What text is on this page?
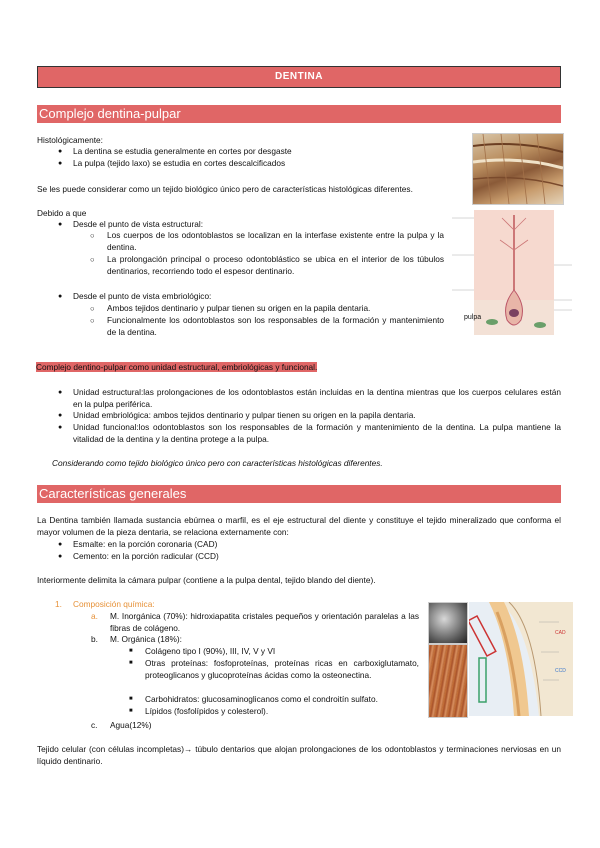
DENTINA
Complejo dentina-pulpar
Histológicamente:
● La dentina se estudia generalmente en cortes por desgaste
● La pulpa (tejido laxo) se estudia en cortes descalcificados
Se les puede considerar como un tejido biológico único pero de características histológicas diferentes.
Debido a que
● Desde el punto de vista estructural:
○ Los cuerpos de los odontoblastos se localizan en la interfase existente entre la pulpa y la dentina.
○ La prolongación principal o proceso odontoblástico se ubica en el interior de los túbulos dentinarios, recorriendo todo el espesor dentinario.
● Desde el punto de vista embriológico:
○ Ambos tejidos dentinario y pulpar tienen su origen en la papila dentaria.
○ Funcionalmente los odontoblastos son los responsables de la formación y mantenimiento de la dentina.
pulpa
Complejo dentino-pulpar como unidad estructural, embriológicas y funcional.
● Unidad estructural:las prolongaciones de los odontoblastos están incluidas en la dentina mientras que los cuerpos celulares están en la pulpa periférica.
● Unidad embriológica: ambos tejidos dentinario y pulpar tienen su origen en la papila dentaria.
● Unidad funcional:los odontoblastos son los responsables de la formación y mantenimiento de la dentina. La pulpa mantiene la vitalidad de la dentina y la dentina protege a la pulpa.
Considerando como tejido biológico único pero con características histológicas diferentes.
Características generales
La Dentina también llamada sustancia ebúrnea o marfil, es el eje estructural del diente y constituye el tejido mineralizado que conforma el mayor volumen de la pieza dentaria, se relaciona externamente con:
● Esmalte: en la porción coronaria (CAD)
● Cemento: en la porción radicular (CCD)
Interiormente delimita la cámara pulpar (contiene a la pulpa dental, tejido blando del diente).
1. Composición química:
a. M. Inorgánica (70%): hidroxiapatita cristales pequeños y orientación paralelas a las fibras de colágeno.
b. M. Orgánica (18%):
■ Colágeno tipo I (90%), III, IV, V y VI
■ Otras proteínas: fosfoproteínas, proteínas ricas en carboxiglutamato, proteoglicanos y glucoproteínas ácidas como la osteonectina.
■ Carbohidratos: glucosaminoglicanos como el condroitín sulfato.
■ Lípidos (fosfolípidos y colesterol).
c. Agua(12%)
CAD
CCD
Tejido celular (con células incompletas)→ túbulo dentarios que alojan prolongaciones de los odontoblastos y terminaciones nerviosas en un líquido dentinario.
